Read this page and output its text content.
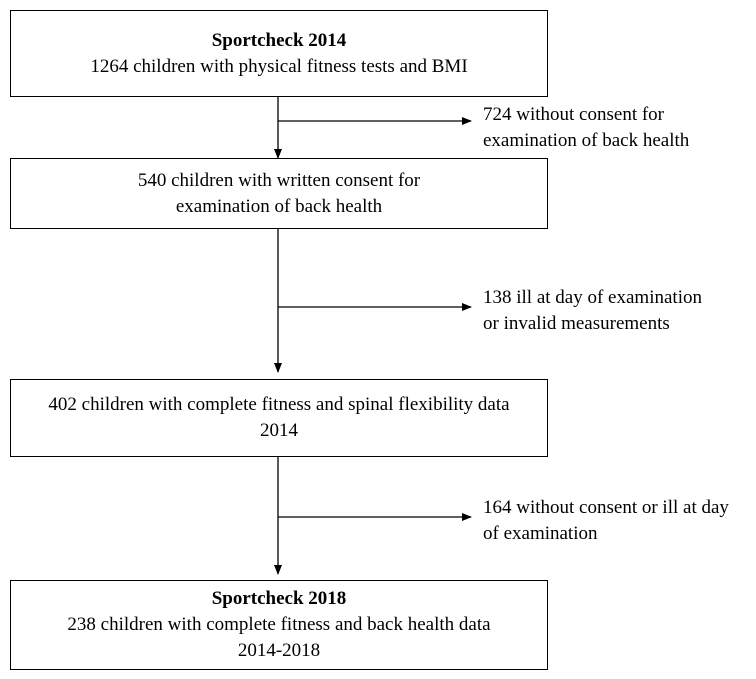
Sportcheck 2014
1264 children with physical fitness tests and BMI
724 without consent for
examination of back health
540 children with written consent for
examination of back health
138 ill at day of examination
or invalid measurements
402 children with complete fitness and spinal flexibility data
2014
164 without consent or ill at day
of examination
Sportcheck 2018
238 children with complete fitness and back health data
2014-2018
